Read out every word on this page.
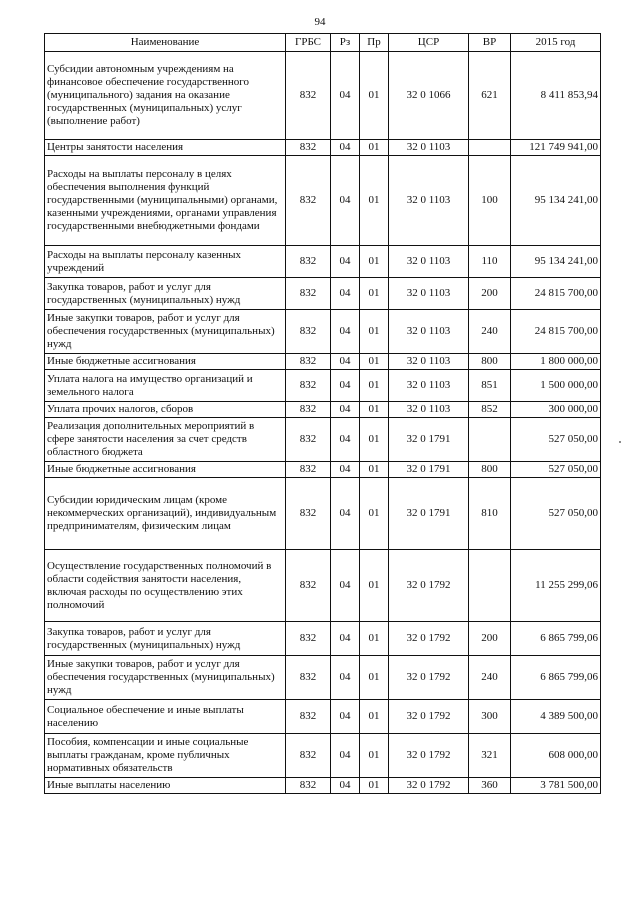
94
Наименование	ГРБС	Рз	Пр	ЦСР	ВР	2015 год
Субсидии автономным учреждениям на финансовое обеспечение государственного (муниципального) задания на оказание государственных (муниципальных) услуг (выполнение работ)	832	04	01	32 0 1066	621	8 411 853,94
Центры занятости населения	832	04	01	32 0 1103		121 749 941,00
Расходы на выплаты персоналу в целях обеспечения выполнения функций государственными (муниципальными) органами, казенными учреждениями, органами управления государственными внебюджетными фондами	832	04	01	32 0 1103	100	95 134 241,00
Расходы на выплаты персоналу казенных учреждений	832	04	01	32 0 1103	110	95 134 241,00
Закупка товаров, работ и услуг для государственных (муниципальных) нужд	832	04	01	32 0 1103	200	24 815 700,00
Иные закупки товаров, работ и услуг для обеспечения государственных (муниципальных) нужд	832	04	01	32 0 1103	240	24 815 700,00
Иные бюджетные ассигнования	832	04	01	32 0 1103	800	1 800 000,00
Уплата налога на имущество организаций и земельного налога	832	04	01	32 0 1103	851	1 500 000,00
Уплата прочих налогов, сборов	832	04	01	32 0 1103	852	300 000,00
Реализация дополнительных мероприятий в сфере занятости населения за счет средств областного бюджета	832	04	01	32 0 1791		527 050,00
Иные бюджетные ассигнования	832	04	01	32 0 1791	800	527 050,00
Субсидии юридическим лицам (кроме некоммерческих организаций), индивидуальным предпринимателям, физическим лицам	832	04	01	32 0 1791	810	527 050,00
Осуществление государственных полномочий в области содействия занятости населения, включая расходы по осуществлению этих полномочий	832	04	01	32 0 1792		11 255 299,06
Закупка товаров, работ и услуг для государственных (муниципальных) нужд	832	04	01	32 0 1792	200	6 865 799,06
Иные закупки товаров, работ и услуг для обеспечения государственных (муниципальных) нужд	832	04	01	32 0 1792	240	6 865 799,06
Социальное обеспечение и иные выплаты населению	832	04	01	32 0 1792	300	4 389 500,00
Пособия, компенсации и иные социальные выплаты гражданам, кроме публичных нормативных обязательств	832	04	01	32 0 1792	321	608 000,00
Иные выплаты населению	832	04	01	32 0 1792	360	3 781 500,00
